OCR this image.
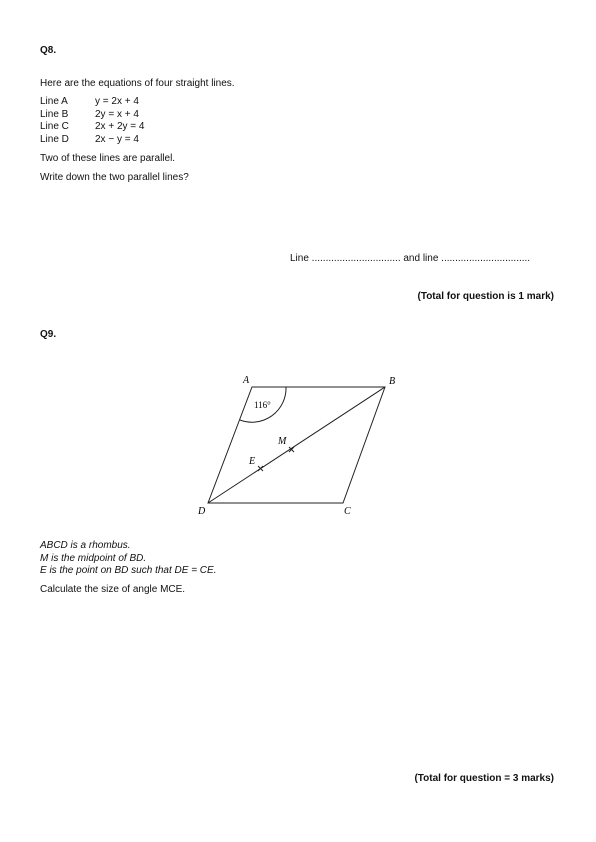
Q8.
Here are the equations of four straight lines.
Line A	y = 2x + 4
Line B	2y = x + 4
Line C	2x + 2y = 4
Line D	2x − y = 4
Two of these lines are parallel.
Write down the two parallel lines?
Line ................................ and line ................................
(Total for question is 1 mark)
Q9.
A	B
C
D
M
E
116°
ABCD is a rhombus.
M is the midpoint of BD.
E is the point on BD such that DE = CE.
Calculate the size of angle MCE.
(Total for question = 3 marks)
